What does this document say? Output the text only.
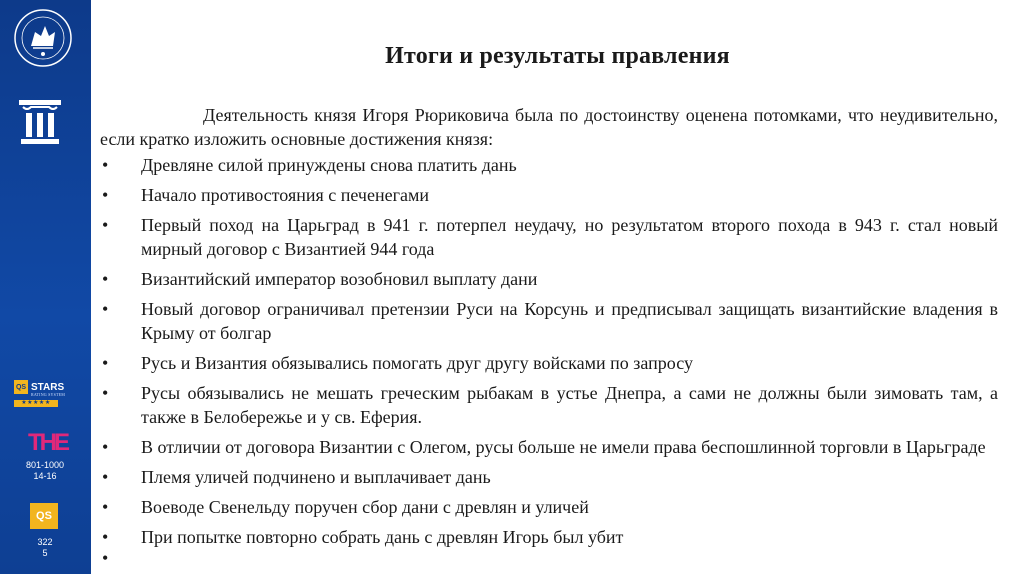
QS STARS
RATING SYSTEM
★★★★★
THE
801-1000
14-16
QS
322
5
Итоги и результаты правления

Деятельность князя Игоря Рюриковича была по достоинству оценена потомками, что неудивительно, если кратко изложить основные достижения князя:

• Древляне силой принуждены снова платить дань
• Начало противостояния с печенегами
• Первый поход на Царьград в 941 г. потерпел неудачу, но результатом второго похода в 943 г. стал новый мирный договор с Византией 944 года
• Византийский император возобновил выплату дани
• Новый договор ограничивал претензии Руси на Корсунь и предписывал защищать византийские владения в Крыму от болгар
• Русь и Византия обязывались помогать друг другу войсками по запросу
• Русы обязывались не мешать греческим рыбакам в устье Днепра, а сами не должны были зимовать там, а также в Белобережье и у св. Еферия.
• В отличии от договора Византии с Олегом, русы больше не имели права беспошлинной торговли в Царьграде
• Племя уличей подчинено и выплачивает дань
• Воеводе Свенельду поручен сбор дани с древлян и уличей
• При попытке повторно собрать дань с древлян Игорь был убит
•
